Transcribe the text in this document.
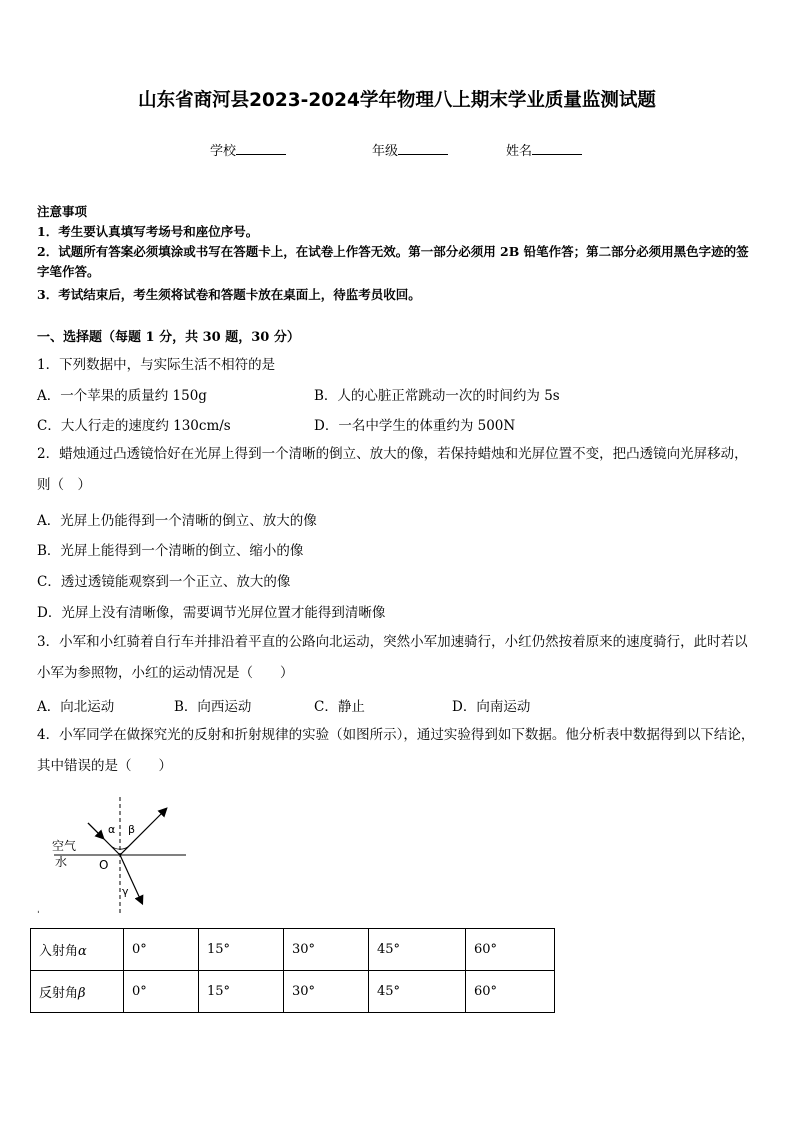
山东省商河县2023-2024学年物理八上期末学业质量监测试题
学校	年级	姓名
注意事项
1．考生要认真填写考场号和座位序号。
2．试题所有答案必须填涂或书写在答题卡上，在试卷上作答无效。第一部分必须用 2B 铅笔作答；第二部分必须用黑色字迹的签字笔作答。
3．考试结束后，考生须将试卷和答题卡放在桌面上，待监考员收回。
一、选择题（每题 1 分，共 30 题，30 分）
1．下列数据中，与实际生活不相符的是
A．一个苹果的质量约 150g	B．人的心脏正常跳动一次的时间约为 5s
C．大人行走的速度约 130cm/s	D．一名中学生的体重约为 500N
2．蜡烛通过凸透镜恰好在光屏上得到一个清晰的倒立、放大的像，若保持蜡烛和光屏位置不变，把凸透镜向光屏移动，则（　）
A．光屏上仍能得到一个清晰的倒立、放大的像
B．光屏上能得到一个清晰的倒立、缩小的像
C．透过透镜能观察到一个正立、放大的像
D．光屏上没有清晰像，需要调节光屏位置才能得到清晰像
3．小军和小红骑着自行车并排沿着平直的公路向北运动，突然小军加速骑行，小红仍然按着原来的速度骑行，此时若以小军为参照物，小红的运动情况是（　　）
A．向北运动	B．向西运动	C．静止	D．向南运动
4．小军同学在做探究光的反射和折射规律的实验（如图所示），通过实验得到如下数据。他分析表中数据得到以下结论，其中错误的是（　　）
空气
水	O
α β
γ
ˌ
入射角α	0°	15°	30°	45°	60°
反射角β	0°	15°	30°	45°	60°
